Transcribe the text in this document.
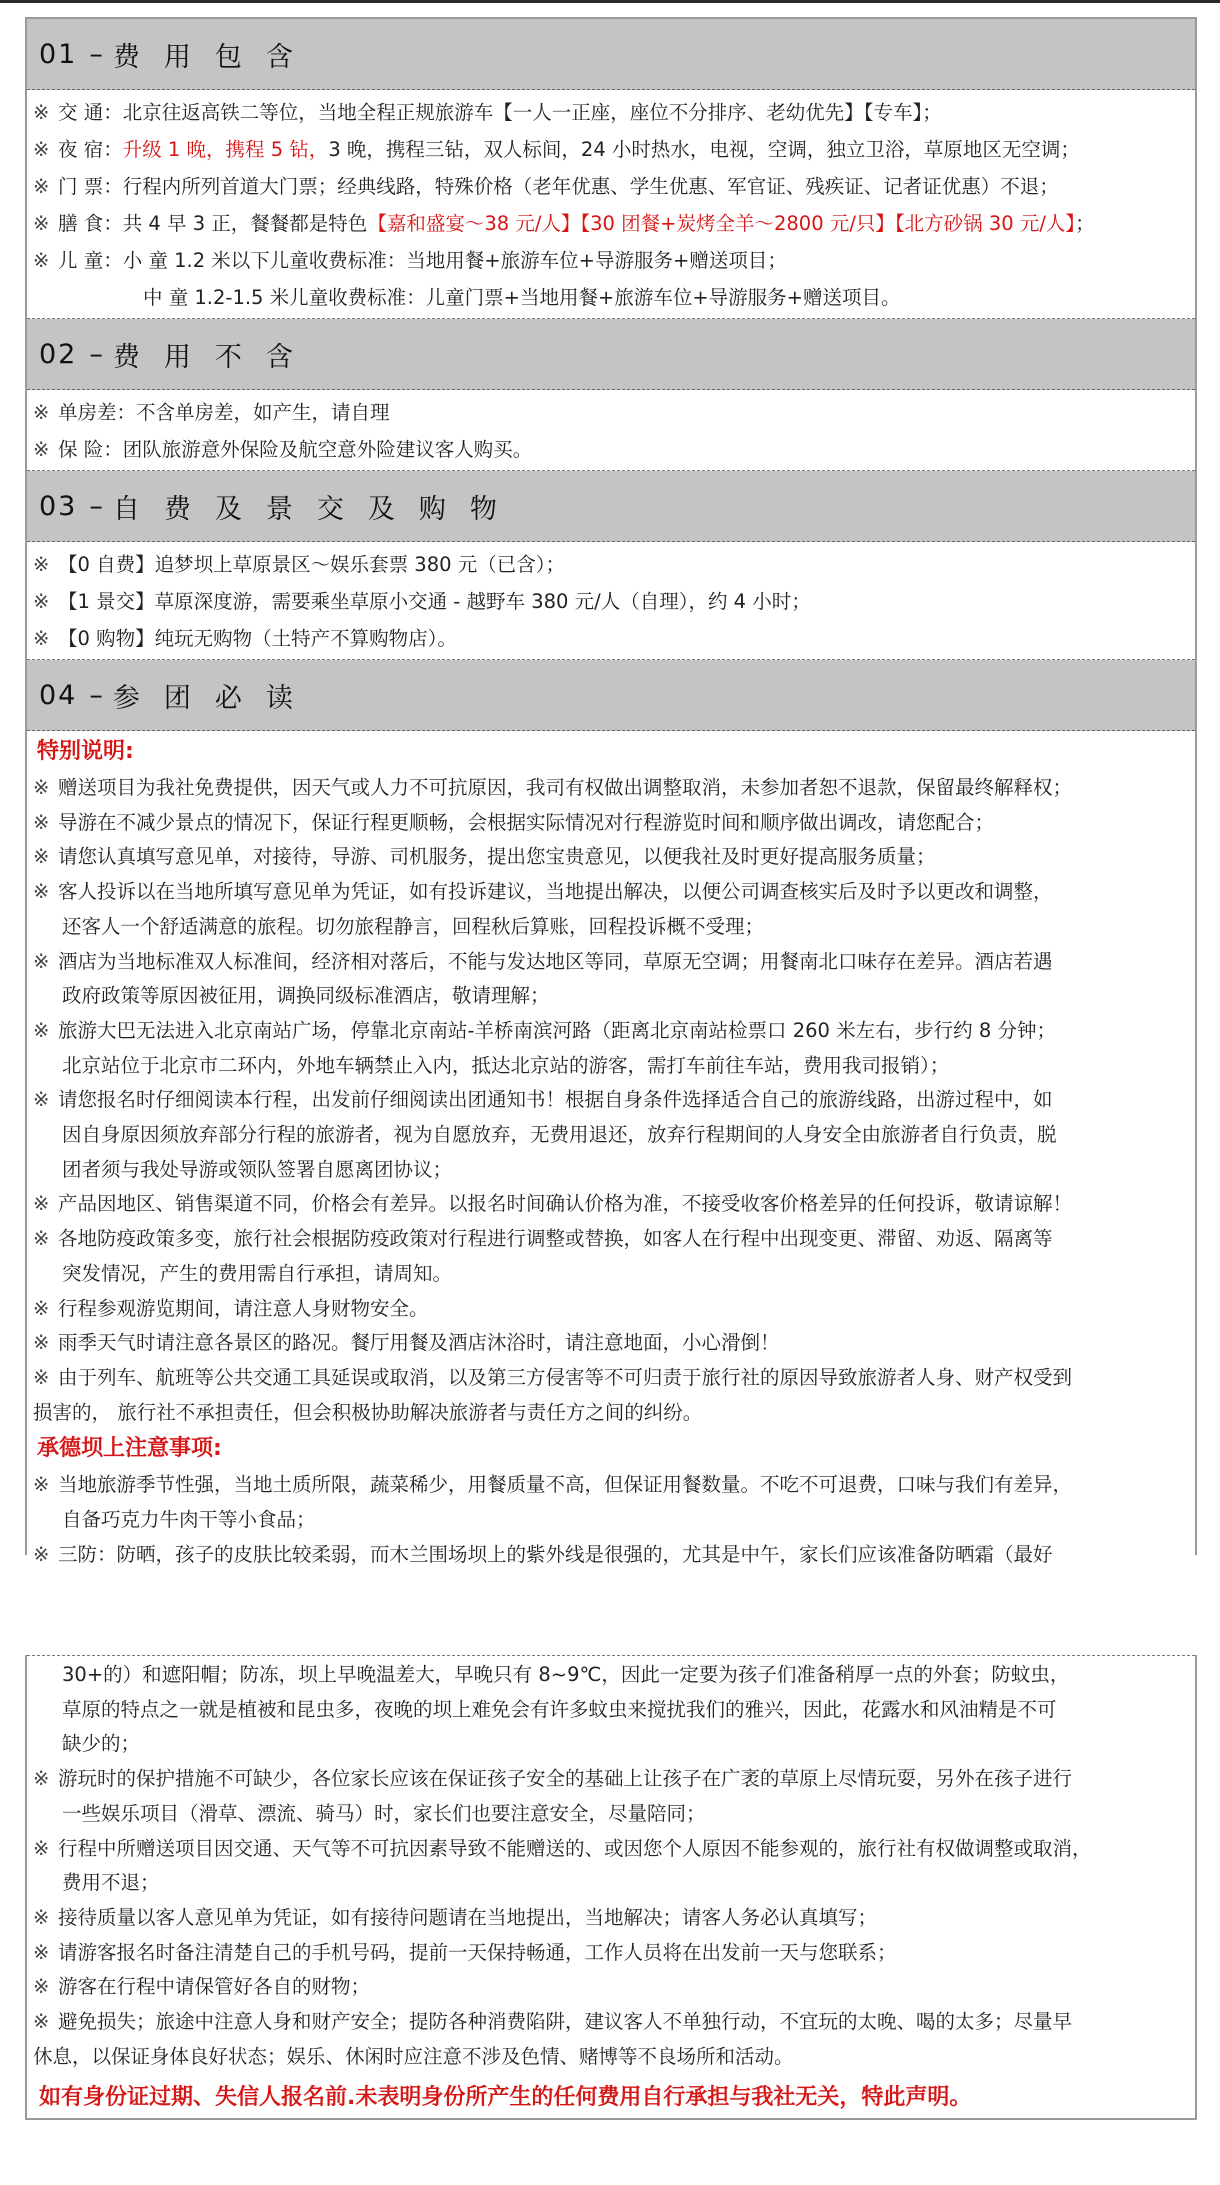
01 – 费用包含
※ 交 通：北京往返高铁二等位，当地全程正规旅游车【一人一正座，座位不分排序、老幼优先】【专车】；
※ 夜 宿：升级 1 晚，携程 5 钻，3 晚，携程三钻，双人标间，24 小时热水，电视，空调，独立卫浴，草原地区无空调；
※ 门 票：行程内所列首道大门票；经典线路，特殊价格（老年优惠、学生优惠、军官证、残疾证、记者证优惠）不退；
※ 膳 食：共 4 早 3 正，餐餐都是特色【嘉和盛宴～38 元/人】【30 团餐+炭烤全羊～2800 元/只】【北方砂锅 30 元/人】；
※ 儿 童：小 童 1.2 米以下儿童收费标准：当地用餐+旅游车位+导游服务+赠送项目；
中 童 1.2-1.5 米儿童收费标准：儿童门票+当地用餐+旅游车位+导游服务+赠送项目。
02 – 费用不含
※ 单房差：不含单房差，如产生，请自理
※ 保 险：团队旅游意外保险及航空意外险建议客人购买。
03 – 自费及景交及购物
※ 【0 自费】追梦坝上草原景区～娱乐套票 380 元（已含）；
※ 【1 景交】草原深度游，需要乘坐草原小交通 - 越野车 380 元/人（自理），约 4 小时；
※ 【0 购物】纯玩无购物（土特产不算购物店）。
04 – 参团必读
特别说明:
※ 赠送项目为我社免费提供，因天气或人力不可抗原因，我司有权做出调整取消，未参加者恕不退款，保留最终解释权；
※ 导游在不减少景点的情况下，保证行程更顺畅，会根据实际情况对行程游览时间和顺序做出调改，请您配合；
※ 请您认真填写意见单，对接待，导游、司机服务，提出您宝贵意见，以便我社及时更好提高服务质量；
※ 客人投诉以在当地所填写意见单为凭证，如有投诉建议，当地提出解决，以便公司调查核实后及时予以更改和调整，
还客人一个舒适满意的旅程。切勿旅程静言，回程秋后算账，回程投诉概不受理；
※ 酒店为当地标准双人标准间，经济相对落后，不能与发达地区等同，草原无空调；用餐南北口味存在差异。酒店若遇
政府政策等原因被征用，调换同级标准酒店，敬请理解；
※ 旅游大巴无法进入北京南站广场，停靠北京南站-羊桥南滨河路（距离北京南站检票口 260 米左右，步行约 8 分钟；
北京站位于北京市二环内，外地车辆禁止入内，抵达北京站的游客，需打车前往车站，费用我司报销）；
※ 请您报名时仔细阅读本行程，出发前仔细阅读出团通知书！根据自身条件选择适合自己的旅游线路，出游过程中，如
因自身原因须放弃部分行程的旅游者，视为自愿放弃，无费用退还，放弃行程期间的人身安全由旅游者自行负责，脱
团者须与我处导游或领队签署自愿离团协议；
※ 产品因地区、销售渠道不同，价格会有差异。以报名时间确认价格为准，不接受收客价格差异的任何投诉，敬请谅解！
※ 各地防疫政策多变，旅行社会根据防疫政策对行程进行调整或替换，如客人在行程中出现变更、滞留、劝返、隔离等
突发情况，产生的费用需自行承担，请周知。
※ 行程参观游览期间，请注意人身财物安全。
※ 雨季天气时请注意各景区的路况。餐厅用餐及酒店沐浴时，请注意地面，小心滑倒！
※ 由于列车、航班等公共交通工具延误或取消，以及第三方侵害等不可归责于旅行社的原因导致旅游者人身、财产权受到
损害的， 旅行社不承担责任，但会积极协助解决旅游者与责任方之间的纠纷。
承德坝上注意事项:
※ 当地旅游季节性强，当地土质所限，蔬菜稀少，用餐质量不高，但保证用餐数量。不吃不可退费，口味与我们有差异，
自备巧克力牛肉干等小食品；
※ 三防：防晒，孩子的皮肤比较柔弱，而木兰围场坝上的紫外线是很强的，尤其是中午，家长们应该准备防晒霜（最好
30+的）和遮阳帽；防冻，坝上早晚温差大，早晚只有 8~9℃，因此一定要为孩子们准备稍厚一点的外套；防蚊虫，
草原的特点之一就是植被和昆虫多，夜晚的坝上难免会有许多蚊虫来搅扰我们的雅兴，因此，花露水和风油精是不可
缺少的；
※ 游玩时的保护措施不可缺少，各位家长应该在保证孩子安全的基础上让孩子在广袤的草原上尽情玩耍，另外在孩子进行
一些娱乐项目（滑草、漂流、骑马）时，家长们也要注意安全，尽量陪同；
※ 行程中所赠送项目因交通、天气等不可抗因素导致不能赠送的、或因您个人原因不能参观的，旅行社有权做调整或取消，
费用不退；
※ 接待质量以客人意见单为凭证，如有接待问题请在当地提出，当地解决；请客人务必认真填写；
※ 请游客报名时备注清楚自己的手机号码，提前一天保持畅通，工作人员将在出发前一天与您联系；
※ 游客在行程中请保管好各自的财物；
※ 避免损失；旅途中注意人身和财产安全；提防各种消费陷阱，建议客人不单独行动，不宜玩的太晚、喝的太多；尽量早
休息，以保证身体良好状态；娱乐、休闲时应注意不涉及色情、赌博等不良场所和活动。
如有身份证过期、失信人报名前.未表明身份所产生的任何费用自行承担与我社无关，特此声明。
